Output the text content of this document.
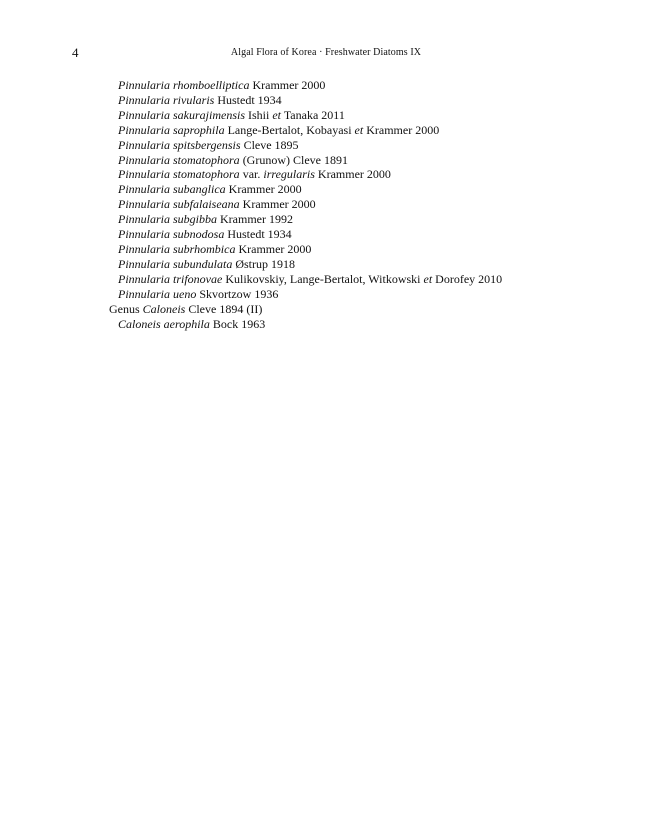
4	Algal Flora of Korea · Freshwater Diatoms IX
Pinnularia rhomboelliptica Krammer 2000
Pinnularia rivularis Hustedt 1934
Pinnularia sakurajimensis Ishii et Tanaka 2011
Pinnularia saprophila Lange-Bertalot, Kobayasi et Krammer 2000
Pinnularia spitsbergensis Cleve 1895
Pinnularia stomatophora (Grunow) Cleve 1891
Pinnularia stomatophora var. irregularis Krammer 2000
Pinnularia subanglica Krammer 2000
Pinnularia subfalaiseana Krammer 2000
Pinnularia subgibba Krammer 1992
Pinnularia subnodosa Hustedt 1934
Pinnularia subrhombica Krammer 2000
Pinnularia subundulata Østrup 1918
Pinnularia trifonovae Kulikovskiy, Lange-Bertalot, Witkowski et Dorofey 2010
Pinnularia ueno Skvortzow 1936
Genus Caloneis Cleve 1894 (II)
Caloneis aerophila Bock 1963
